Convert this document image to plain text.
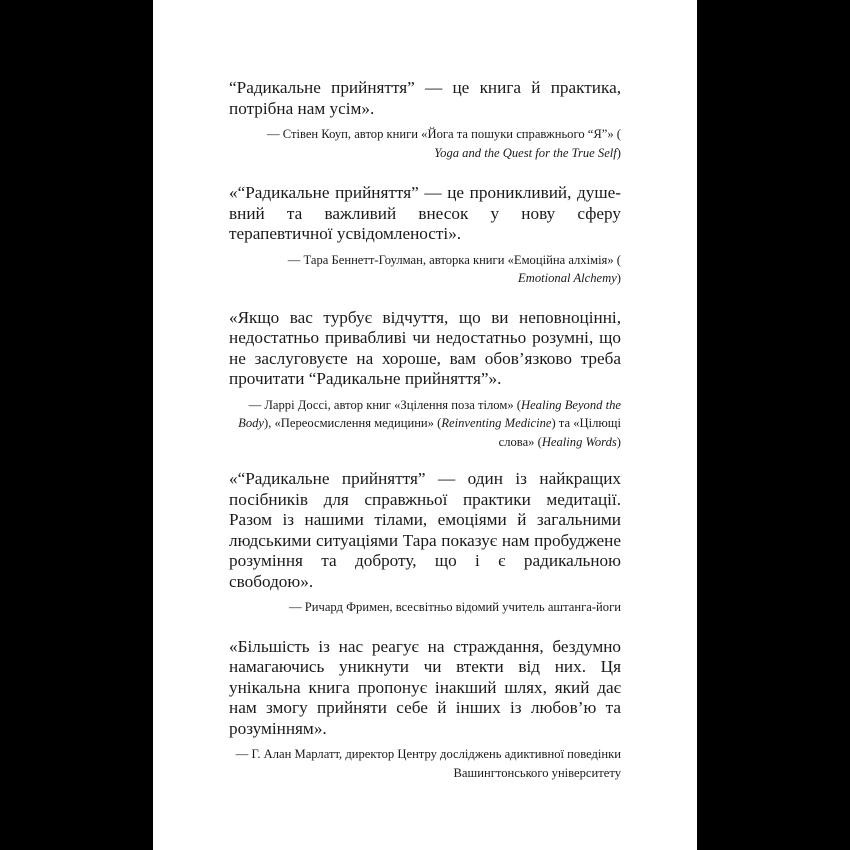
“Радикальне прийняття” — це книга й практика, потрібна нам усім».

— Стівен Коуп, автор книги «Йога та пошуки справжнього “Я”» (
Yoga and the Quest for the True Self)

«“Радикальне прийняття” — це проникливий, душевний та важливий внесок у нову сферу терапевтичної усвідомленості».

— Тара Беннетт-Гоулман, авторка книги «Емоційна алхімія» (
Emotional Alchemy)

«Якщо вас турбує відчуття, що ви неповноцінні, недостатньо привабливі чи недостатньо розумні, що не заслуговуєте на хороше, вам обов’язково треба прочитати “Радикальне прийняття”».

— Ларрі Доссі, автор книг «Зцілення поза тілом» (Healing Beyond the Body), «Переосмислення медицини» (Reinventing Medicine) та «Цілющі слова» (Healing Words)

«“Радикальне прийняття” — один із найкращих посібників для справжньої практики медитації. Разом із нашими тілами, емоціями й загальними людськими ситуаціями Тара показує нам пробуджене розуміння та доброту, що і є радикальною свободою».

— Ричард Фримен, всесвітньо відомий учитель аштанга-йоги

«Більшість із нас реагує на страждання, бездумно намагаючись уникнути чи втекти від них. Ця унікальна книга пропонує інакший шлях, який дає нам змогу прийняти себе й інших із любов’ю та розумінням».

— Г. Алан Марлатт, директор Центру досліджень адиктивної поведінки Вашингтонського університету
